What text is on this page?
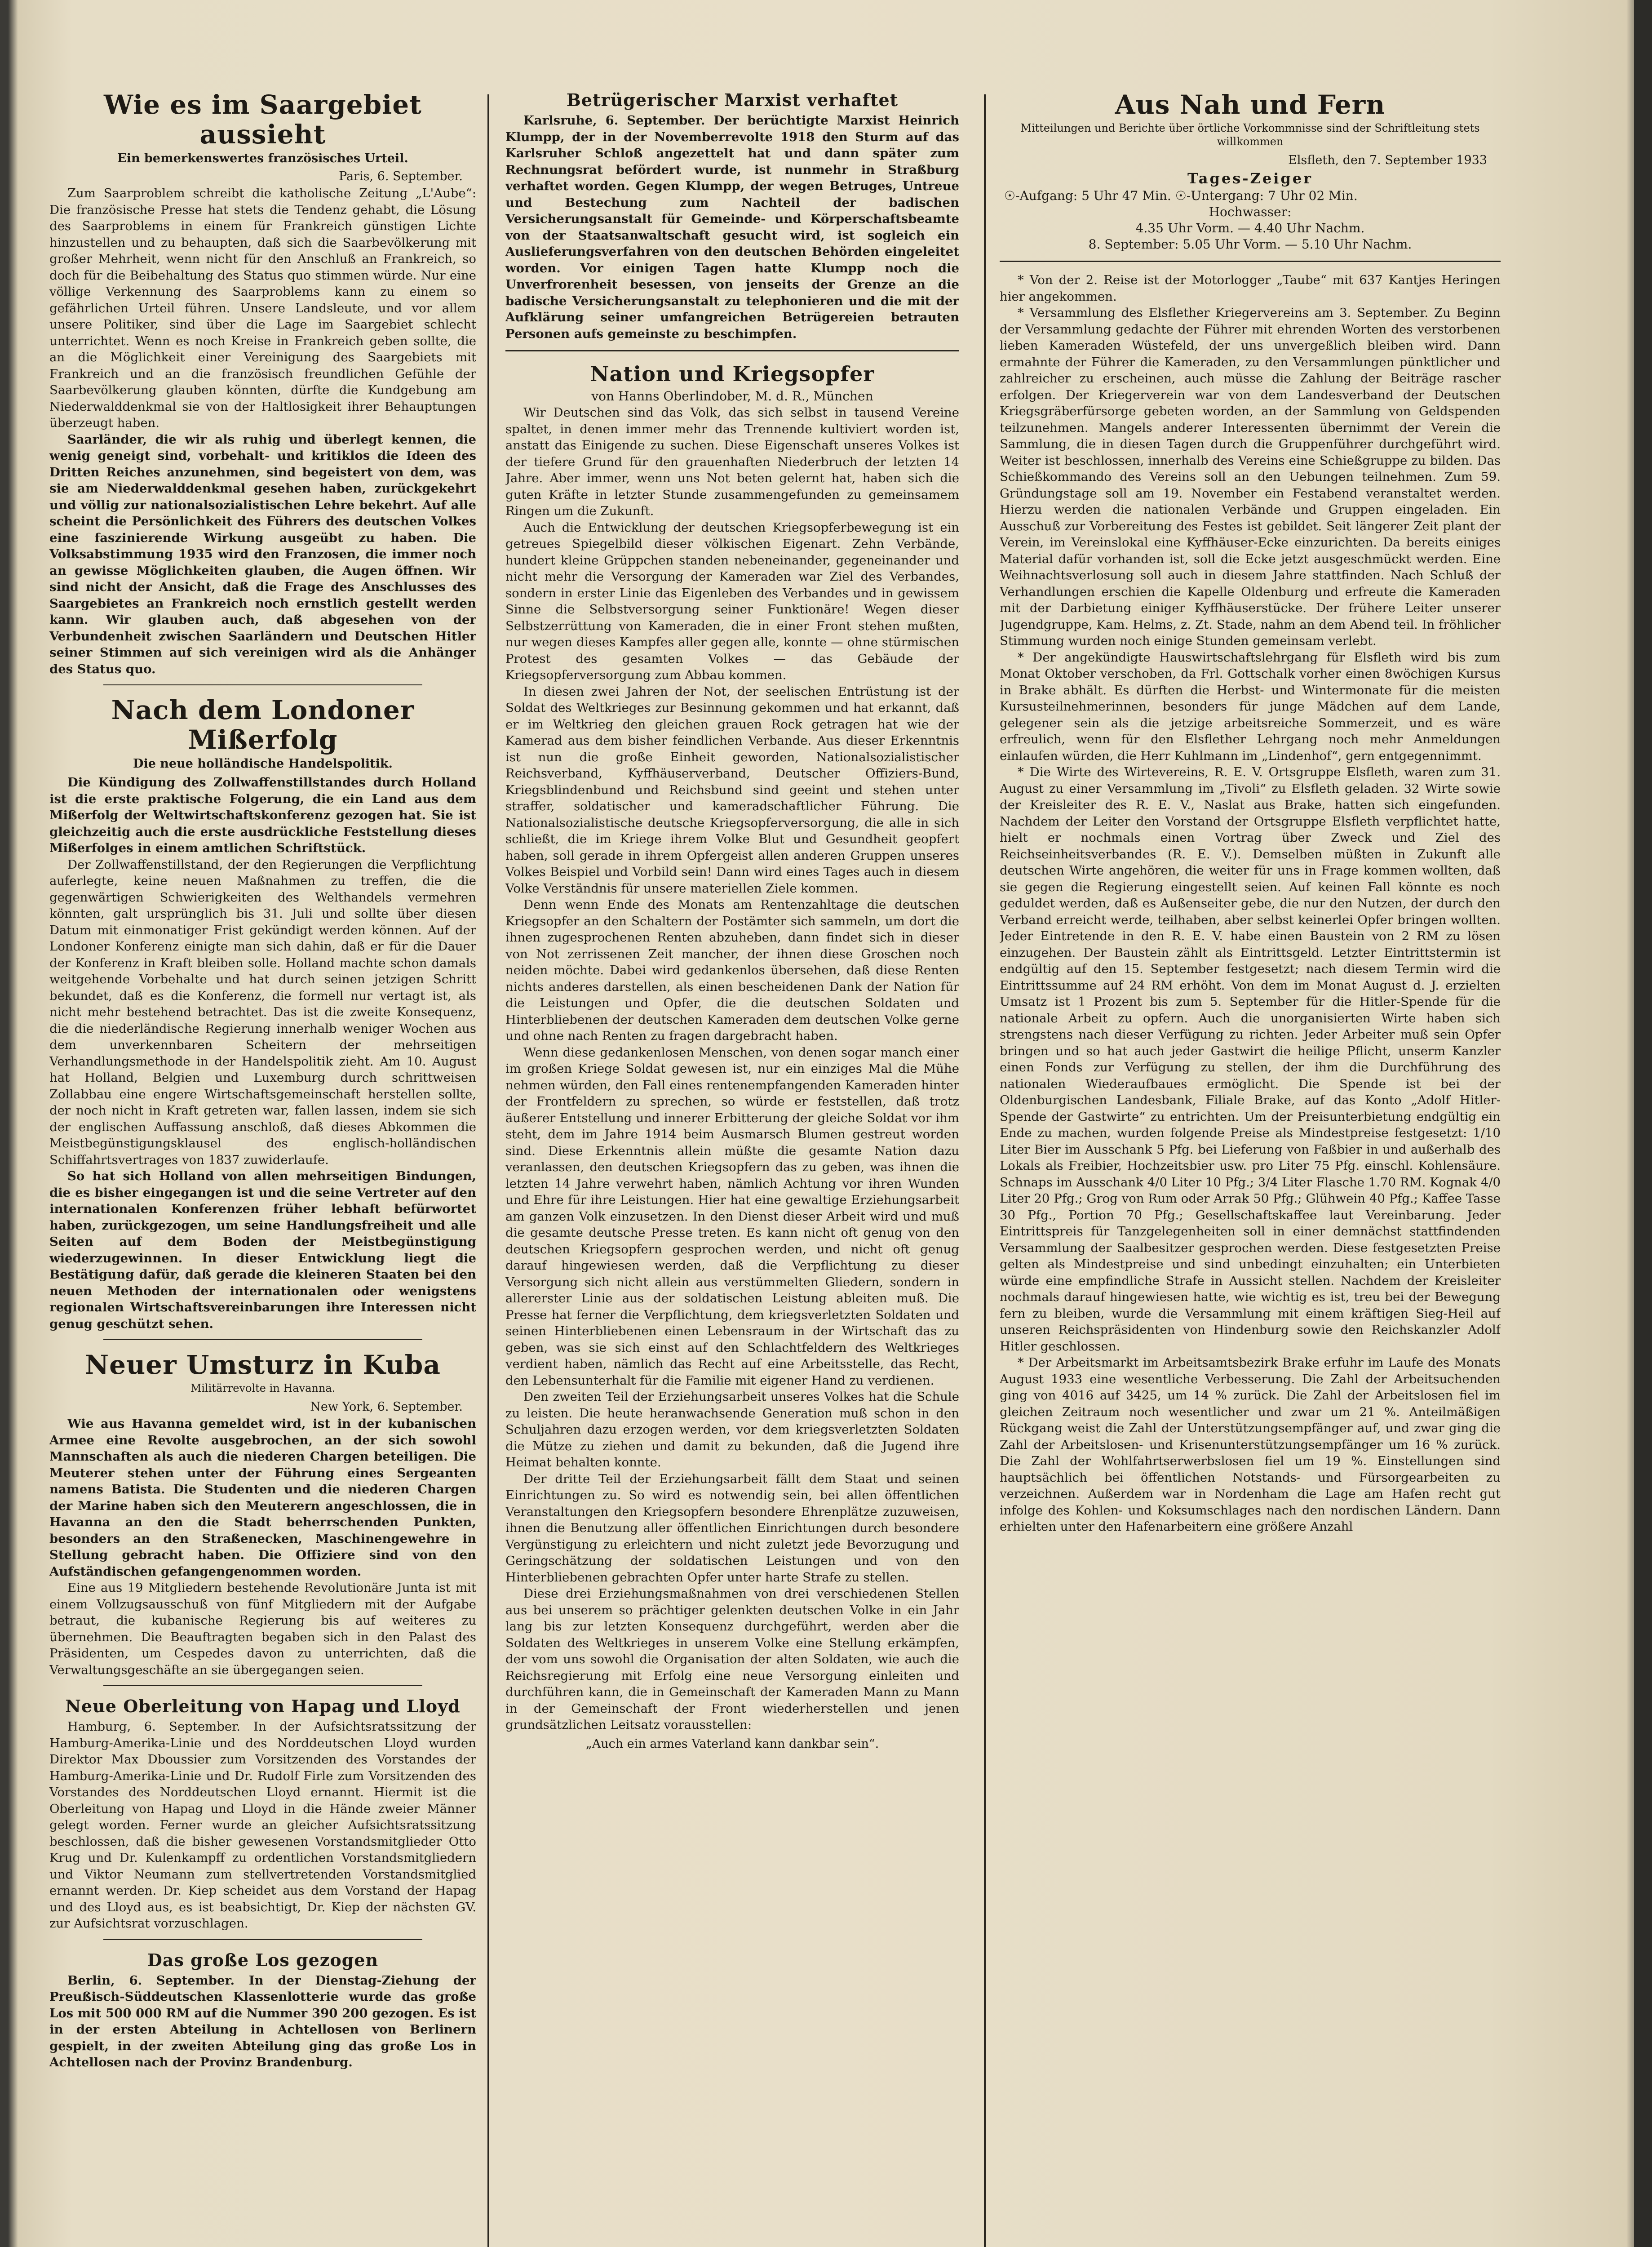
Wie es im Saargebiet aussieht
Ein bemerkenswertes französisches Urteil.
Paris, 6. September.

Zum Saarproblem schreibt die katholische Zeitung „L'Aube“: Die französische Presse hat stets die Tendenz gehabt, die Lösung des Saarproblems in einem für Frankreich günstigen Lichte hinzustellen und zu behaupten, daß sich die Saarbevölkerung mit großer Mehrheit, wenn nicht für den Anschluß an Frankreich, so doch für die Beibehaltung des Status quo stimmen würde. Nur eine völlige Verkennung des Saarproblems kann zu einem so gefährlichen Urteil führen. Unsere Landsleute, und vor allem unsere Politiker, sind über die Lage im Saargebiet schlecht unterrichtet. Wenn es noch Kreise in Frankreich geben sollte, die an die Möglichkeit einer Vereinigung des Saargebiets mit Frankreich und an die französisch freundlichen Gefühle der Saarbevölkerung glauben könnten, dürfte die Kundgebung am Niederwalddenkmal sie von der Haltlosigkeit ihrer Behauptungen überzeugt haben.

Saarländer, die wir als ruhig und überlegt kennen, die wenig geneigt sind, vorbehalt- und kritiklos die Ideen des Dritten Reiches anzunehmen, sind begeistert von dem, was sie am Niederwalddenkmal gesehen haben, zurückgekehrt und völlig zur nationalsozialistischen Lehre bekehrt. Auf alle scheint die Persönlichkeit des Führers des deutschen Volkes eine faszinierende Wirkung ausgeübt zu haben. Die Volksabstimmung 1935 wird den Franzosen, die immer noch an gewisse Möglichkeiten glauben, die Augen öffnen. Wir sind nicht der Ansicht, daß die Frage des Anschlusses des Saargebietes an Frankreich noch ernstlich gestellt werden kann. Wir glauben auch, daß abgesehen von der Verbundenheit zwischen Saarländern und Deutschen Hitler seiner Stimmen auf sich vereinigen wird als die Anhänger des Status quo.

Nach dem Londoner Mißerfolg
Die neue holländische Handelspolitik.

Die Kündigung des Zollwaffenstillstandes durch Holland ist die erste praktische Folgerung, die ein Land aus dem Mißerfolg der Weltwirtschaftskonferenz gezogen hat. Sie ist gleichzeitig auch die erste ausdrückliche Feststellung dieses Mißerfolges in einem amtlichen Schriftstück.

Der Zollwaffenstillstand, der den Regierungen die Verpflichtung auferlegte, keine neuen Maßnahmen zu treffen, die die gegenwärtigen Schwierigkeiten des Welthandels vermehren könnten, galt ursprünglich bis 31. Juli und sollte über diesen Datum mit einmonatiger Frist gekündigt werden können. Auf der Londoner Konferenz einigte man sich dahin, daß er für die Dauer der Konferenz in Kraft bleiben solle. Holland machte schon damals weitgehende Vorbehalte und hat durch seinen jetzigen Schritt bekundet, daß es die Konferenz, die formell nur vertagt ist, als nicht mehr bestehend betrachtet. Das ist die zweite Konsequenz, die die niederländische Regierung innerhalb weniger Wochen aus dem unverkennbaren Scheitern der mehrseitigen Verhandlungsmethode in der Handelspolitik zieht. Am 10. August hat Holland, Belgien und Luxemburg durch schrittweisen Zollabbau eine engere Wirtschaftsgemeinschaft herstellen sollte, der noch nicht in Kraft getreten war, fallen lassen, indem sie sich der englischen Auffassung anschloß, daß dieses Abkommen die Meistbegünstigungsklausel des englisch-holländischen Schiffahrtsvertrages von 1837 zuwiderlaufe.

So hat sich Holland von allen mehrseitigen Bindungen, die es bisher eingegangen ist und die seine Vertreter auf den internationalen Konferenzen früher lebhaft befürwortet haben, zurückgezogen, um seine Handlungsfreiheit und alle Seiten auf dem Boden der Meistbegünstigung wiederzugewinnen. In dieser Entwicklung liegt die Bestätigung dafür, daß gerade die kleineren Staaten bei den neuen Methoden der internationalen oder wenigstens regionalen Wirtschaftsvereinbarungen ihre Interessen nicht genug geschützt sehen.

Neuer Umsturz in Kuba
Militärrevolte in Havanna.
New York, 6. September.

Wie aus Havanna gemeldet wird, ist in der kubanischen Armee eine Revolte ausgebrochen, an der sich sowohl Mannschaften als auch die niederen Chargen beteiligen. Die Meuterer stehen unter der Führung eines Sergeanten namens Batista. Die Studenten und die niederen Chargen der Marine haben sich den Meuterern angeschlossen, die in Havanna an den die Stadt beherrschenden Punkten, besonders an den Straßenecken, Maschinengewehre in Stellung gebracht haben. Die Offiziere sind von den Aufständischen gefangengenommen worden.

Eine aus 19 Mitgliedern bestehende Revolutionäre Junta ist mit einem Vollzugsausschuß von fünf Mitgliedern mit der Aufgabe betraut, die kubanische Regierung bis auf weiteres zu übernehmen. Die Beauftragten begaben sich in den Palast des Präsidenten, um Cespedes davon zu unterrichten, daß die Verwaltungsgeschäfte an sie übergegangen seien.

Neue Oberleitung von Hapag und Lloyd

Hamburg, 6. September. In der Aufsichtsratssitzung der Hamburg-Amerika-Linie und des Norddeutschen Lloyd wurden Direktor Max Dboussier zum Vorsitzenden des Vorstandes der Hamburg-Amerika-Linie und Dr. Rudolf Firle zum Vorsitzenden des Vorstandes des Norddeutschen Lloyd ernannt. Hiermit ist die Oberleitung von Hapag und Lloyd in die Hände zweier Männer gelegt worden. Ferner wurde an gleicher Aufsichtsratssitzung beschlossen, daß die bisher gewesenen Vorstandsmitglieder Otto Krug und Dr. Kulenkampff zu ordentlichen Vorstandsmitgliedern und Viktor Neumann zum stellvertretenden Vorstandsmitglied ernannt werden. Dr. Kiep scheidet aus dem Vorstand der Hapag und des Lloyd aus, es ist beabsichtigt, Dr. Kiep der nächsten GV. zur Aufsichtsrat vorzuschlagen.

Das große Los gezogen

Berlin, 6. September. In der Dienstag-Ziehung der Preußisch-Süddeutschen Klassenlotterie wurde das große Los mit 500 000 RM auf die Nummer 390 200 gezogen. Es ist in der ersten Abteilung in Achtellosen von Berlinern gespielt, in der zweiten Abteilung ging das große Los in Achtellosen nach der Provinz Brandenburg.

Betrügerischer Marxist verhaftet

Karlsruhe, 6. September. Der berüchtigte Marxist Heinrich Klumpp, der in der Novemberrevolte 1918 den Sturm auf das Karlsruher Schloß angezettelt hat und dann später zum Rechnungsrat befördert wurde, ist nunmehr in Straßburg verhaftet worden. Gegen Klumpp, der wegen Betruges, Untreue und Bestechung zum Nachteil der badischen Versicherungsanstalt für Gemeinde- und Körperschaftsbeamte von der Staatsanwaltschaft gesucht wird, ist sogleich ein Auslieferungsverfahren von den deutschen Behörden eingeleitet worden. Vor einigen Tagen hatte Klumpp noch die Unverfrorenheit besessen, von jenseits der Grenze an die badische Versicherungsanstalt zu telephonieren und die mit der Aufklärung seiner umfangreichen Betrügereien betrauten Personen aufs gemeinste zu beschimpfen.

Nation und Kriegsopfer
von Hanns Oberlindober, M. d. R., München

Wir Deutschen sind das Volk, das sich selbst in tausend Vereine spaltet, in denen immer mehr das Trennende kultiviert worden ist, anstatt das Einigende zu suchen. Diese Eigenschaft unseres Volkes ist der tiefere Grund für den grauenhaften Niederbruch der letzten 14 Jahre. Aber immer, wenn uns Not beten gelernt hat, haben sich die guten Kräfte in letzter Stunde zusammengefunden zu gemeinsamem Ringen um die Zukunft.

Auch die Entwicklung der deutschen Kriegsopferbewegung ist ein getreues Spiegelbild dieser völkischen Eigenart. Zehn Verbände, hundert kleine Grüppchen standen nebeneinander, gegeneinander und nicht mehr die Versorgung der Kameraden war Ziel des Verbandes, sondern in erster Linie das Eigenleben des Verbandes und in gewissem Sinne die Selbstversorgung seiner Funktionäre! Wegen dieser Selbstzerrüttung von Kameraden, die in einer Front stehen mußten, nur wegen dieses Kampfes aller gegen alle, konnte — ohne stürmischen Protest des gesamten Volkes — das Gebäude der Kriegsopferversorgung zum Abbau kommen.

In diesen zwei Jahren der Not, der seelischen Entrüstung ist der Soldat des Weltkrieges zur Besinnung gekommen und hat erkannt, daß er im Weltkrieg den gleichen grauen Rock getragen hat wie der Kamerad aus dem bisher feindlichen Verbande. Aus dieser Erkenntnis ist nun die große Einheit geworden, Nationalsozialistischer Reichsverband, Kyffhäuserverband, Deutscher Offiziers-Bund, Kriegsblindenbund und Reichsbund sind geeint und stehen unter straffer, soldatischer und kameradschaftlicher Führung. Die Nationalsozialistische deutsche Kriegsopferversorgung, die alle in sich schließt, die im Kriege ihrem Volke Blut und Gesundheit geopfert haben, soll gerade in ihrem Opfergeist allen anderen Gruppen unseres Volkes Beispiel und Vorbild sein! Dann wird eines Tages auch in diesem Volke Verständnis für unsere materiellen Ziele kommen.

Denn wenn Ende des Monats am Rentenzahltage die deutschen Kriegsopfer an den Schaltern der Postämter sich sammeln, um dort die ihnen zugesprochenen Renten abzuheben, dann findet sich in dieser von Not zerrissenen Zeit mancher, der ihnen diese Groschen noch neiden möchte. Dabei wird gedankenlos übersehen, daß diese Renten nichts anderes darstellen, als einen bescheidenen Dank der Nation für die Leistungen und Opfer, die die deutschen Soldaten und Hinterbliebenen der deutschen Kameraden dem deutschen Volke gerne und ohne nach Renten zu fragen dargebracht haben.

Wenn diese gedankenlosen Menschen, von denen sogar manch einer im großen Kriege Soldat gewesen ist, nur ein einziges Mal die Mühe nehmen würden, den Fall eines rentenempfangenden Kameraden hinter der Frontfeldern zu sprechen, so würde er feststellen, daß trotz äußerer Entstellung und innerer Erbitterung der gleiche Soldat vor ihm steht, dem im Jahre 1914 beim Ausmarsch Blumen gestreut worden sind. Diese Erkenntnis allein müßte die gesamte Nation dazu veranlassen, den deutschen Kriegsopfern das zu geben, was ihnen die letzten 14 Jahre verwehrt haben, nämlich Achtung vor ihren Wunden und Ehre für ihre Leistungen. Hier hat eine gewaltige Erziehungsarbeit am ganzen Volk einzusetzen. In den Dienst dieser Arbeit wird und muß die gesamte deutsche Presse treten. Es kann nicht oft genug von den deutschen Kriegsopfern gesprochen werden, und nicht oft genug darauf hingewiesen werden, daß die Verpflichtung zu dieser Versorgung sich nicht allein aus verstümmelten Gliedern, sondern in allererster Linie aus der soldatischen Leistung ableiten muß. Die Presse hat ferner die Verpflichtung, dem kriegsverletzten Soldaten und seinen Hinterbliebenen einen Lebensraum in der Wirtschaft das zu geben, was sie sich einst auf den Schlachtfeldern des Weltkrieges verdient haben, nämlich das Recht auf eine Arbeitsstelle, das Recht, den Lebensunterhalt für die Familie mit eigener Hand zu verdienen.

Den zweiten Teil der Erziehungsarbeit unseres Volkes hat die Schule zu leisten. Die heute heranwachsende Generation muß schon in den Schuljahren dazu erzogen werden, vor dem kriegsverletzten Soldaten die Mütze zu ziehen und damit zu bekunden, daß die Jugend ihre Heimat behalten konnte.

Der dritte Teil der Erziehungsarbeit fällt dem Staat und seinen Einrichtungen zu. So wird es notwendig sein, bei allen öffentlichen Veranstaltungen den Kriegsopfern besondere Ehrenplätze zuzuweisen, ihnen die Benutzung aller öffentlichen Einrichtungen durch besondere Vergünstigung zu erleichtern und nicht zuletzt jede Bevorzugung und Geringschätzung der soldatischen Leistungen und von den Hinterbliebenen gebrachten Opfer unter harte Strafe zu stellen.

Diese drei Erziehungsmaßnahmen von drei verschiedenen Stellen aus bei unserem so prächtiger gelenkten deutschen Volke in ein Jahr lang bis zur letzten Konsequenz durchgeführt, werden aber die Soldaten des Weltkrieges in unserem Volke eine Stellung erkämpfen, der vom uns sowohl die Organisation der alten Soldaten, wie auch die Reichsregierung mit Erfolg eine neue Versorgung einleiten und durchführen kann, die in Gemeinschaft der Kameraden Mann zu Mann in der Gemeinschaft der Front wiederherstellen und jenen grundsätzlichen Leitsatz vorausstellen:

„Auch ein armes Vaterland kann dankbar sein“.
Aus Nah und Fern
Mitteilungen und Berichte über örtliche Vorkommnisse sind der Schriftleitung stets willkommen
Elsfleth, den 7. September 1933
Tages-Zeiger
☉-Aufgang: 5 Uhr 47 Min. ☉-Untergang: 7 Uhr 02 Min.
Hochwasser:
4.35 Uhr Vorm. — 4.40 Uhr Nachm.
8. September: 5.05 Uhr Vorm. — 5.10 Uhr Nachm.

* Von der 2. Reise ist der Motorlogger „Taube“ mit 637 Kantjes Heringen hier angekommen.

* Versammlung des Elsflether Kriegervereins am 3. September. Zu Beginn der Versammlung gedachte der Führer mit ehrenden Worten des verstorbenen lieben Kameraden Wüstefeld, der uns unvergeßlich bleiben wird. Dann ermahnte der Führer die Kameraden, zu den Versammlungen pünktlicher und zahlreicher zu erscheinen, auch müsse die Zahlung der Beiträge rascher erfolgen. Der Kriegerverein war von dem Landesverband der Deutschen Kriegsgräberfürsorge gebeten worden, an der Sammlung von Geldspenden teilzunehmen. Mangels anderer Interessenten übernimmt der Verein die Sammlung, die in diesen Tagen durch die Gruppenführer durchgeführt wird. Weiter ist beschlossen, innerhalb des Vereins eine Schießgruppe zu bilden. Das Schießkommando des Vereins soll an den Uebungen teilnehmen. Zum 59. Gründungstage soll am 19. November ein Festabend veranstaltet werden. Hierzu werden die nationalen Verbände und Gruppen eingeladen. Ein Ausschuß zur Vorbereitung des Festes ist gebildet. Seit längerer Zeit plant der Verein, im Vereinslokal eine Kyffhäuser-Ecke einzurichten. Da bereits einiges Material dafür vorhanden ist, soll die Ecke jetzt ausgeschmückt werden. Eine Weihnachtsverlosung soll auch in diesem Jahre stattfinden. Nach Schluß der Verhandlungen erschien die Kapelle Oldenburg und erfreute die Kameraden mit der Darbietung einiger Kyffhäuserstücke. Der frühere Leiter unserer Jugendgruppe, Kam. Helms, z. Zt. Stade, nahm an dem Abend teil. In fröhlicher Stimmung wurden noch einige Stunden gemeinsam verlebt.

* Der angekündigte Hauswirtschaftslehrgang für Elsfleth wird bis zum Monat Oktober verschoben, da Frl. Gottschalk vorher einen 8wöchigen Kursus in Brake abhält. Es dürften die Herbst- und Wintermonate für die meisten Kursusteilnehmerinnen, besonders für junge Mädchen auf dem Lande, gelegener sein als die jetzige arbeitsreiche Sommerzeit, und es wäre erfreulich, wenn für den Elsflether Lehrgang noch mehr Anmeldungen einlaufen würden, die Herr Kuhlmann im „Lindenhof“, gern entgegennimmt.

* Die Wirte des Wirtevereins, R. E. V. Ortsgruppe Elsfleth, waren zum 31. August zu einer Versammlung im „Tivoli“ zu Elsfleth geladen. 32 Wirte sowie der Kreisleiter des R. E. V., Naslat aus Brake, hatten sich eingefunden. Nachdem der Leiter den Vorstand der Ortsgruppe Elsfleth verpflichtet hatte, hielt er nochmals einen Vortrag über Zweck und Ziel des Reichseinheitsverbandes (R. E. V.). Demselben müßten in Zukunft alle deutschen Wirte angehören, die weiter für uns in Frage kommen wollten, daß sie gegen die Regierung eingestellt seien. Auf keinen Fall könnte es noch geduldet werden, daß es Außenseiter gebe, die nur den Nutzen, der durch den Verband erreicht werde, teilhaben, aber selbst keinerlei Opfer bringen wollten. Jeder Eintretende in den R. E. V. habe einen Baustein von 2 RM zu lösen einzugehen. Der Baustein zählt als Eintrittsgeld. Letzter Eintrittstermin ist endgültig auf den 15. September festgesetzt; nach diesem Termin wird die Eintrittssumme auf 24 RM erhöht. Von dem im Monat August d. J. erzielten Umsatz ist 1 Prozent bis zum 5. September für die Hitler-Spende für die nationale Arbeit zu opfern. Auch die unorganisierten Wirte haben sich strengstens nach dieser Verfügung zu richten. Jeder Arbeiter muß sein Opfer bringen und so hat auch jeder Gastwirt die heilige Pflicht, unserm Kanzler einen Fonds zur Verfügung zu stellen, der ihm die Durchführung des nationalen Wiederaufbaues ermöglicht. Die Spende ist bei der Oldenburgischen Landesbank, Filiale Brake, auf das Konto „Adolf Hitler-Spende der Gastwirte“ zu entrichten. Um der Preisunterbietung endgültig ein Ende zu machen, wurden folgende Preise als Mindestpreise festgesetzt: 1/10 Liter Bier im Ausschank 5 Pfg. bei Lieferung von Faßbier in und außerhalb des Lokals als Freibier, Hochzeitsbier usw. pro Liter 75 Pfg. einschl. Kohlensäure. Schnaps im Ausschank 4/0 Liter 10 Pfg.; 3/4 Liter Flasche 1.70 RM. Kognak 4/0 Liter 20 Pfg.; Grog von Rum oder Arrak 50 Pfg.; Glühwein 40 Pfg.; Kaffee Tasse 30 Pfg., Portion 70 Pfg.; Gesellschaftskaffee laut Vereinbarung. Jeder Eintrittspreis für Tanzgelegenheiten soll in einer demnächst stattfindenden Versammlung der Saalbesitzer gesprochen werden. Diese festgesetzten Preise gelten als Mindestpreise und sind unbedingt einzuhalten; ein Unterbieten würde eine empfindliche Strafe in Aussicht stellen. Nachdem der Kreisleiter nochmals darauf hingewiesen hatte, wie wichtig es ist, treu bei der Bewegung fern zu bleiben, wurde die Versammlung mit einem kräftigen Sieg-Heil auf unseren Reichspräsidenten von Hindenburg sowie den Reichskanzler Adolf Hitler geschlossen.

* Der Arbeitsmarkt im Arbeitsamtsbezirk Brake erfuhr im Laufe des Monats August 1933 eine wesentliche Verbesserung. Die Zahl der Arbeitsuchenden ging von 4016 auf 3425, um 14 % zurück. Die Zahl der Arbeitslosen fiel im gleichen Zeitraum noch wesentlicher und zwar um 21 %. Anteilmäßigen Rückgang weist die Zahl der Unterstützungsempfänger auf, und zwar ging die Zahl der Arbeitslosen- und Krisenunterstützungsempfänger um 16 % zurück. Die Zahl der Wohlfahrtserwerbslosen fiel um 19 %. Einstellungen sind hauptsächlich bei öffentlichen Notstands- und Fürsorgearbeiten zu verzeichnen. Außerdem war in Nordenham die Lage am Hafen recht gut infolge des Kohlen- und Koksumschlages nach den nordischen Ländern. Dann erhielten unter den Hafenarbeitern eine größere Anzahl
